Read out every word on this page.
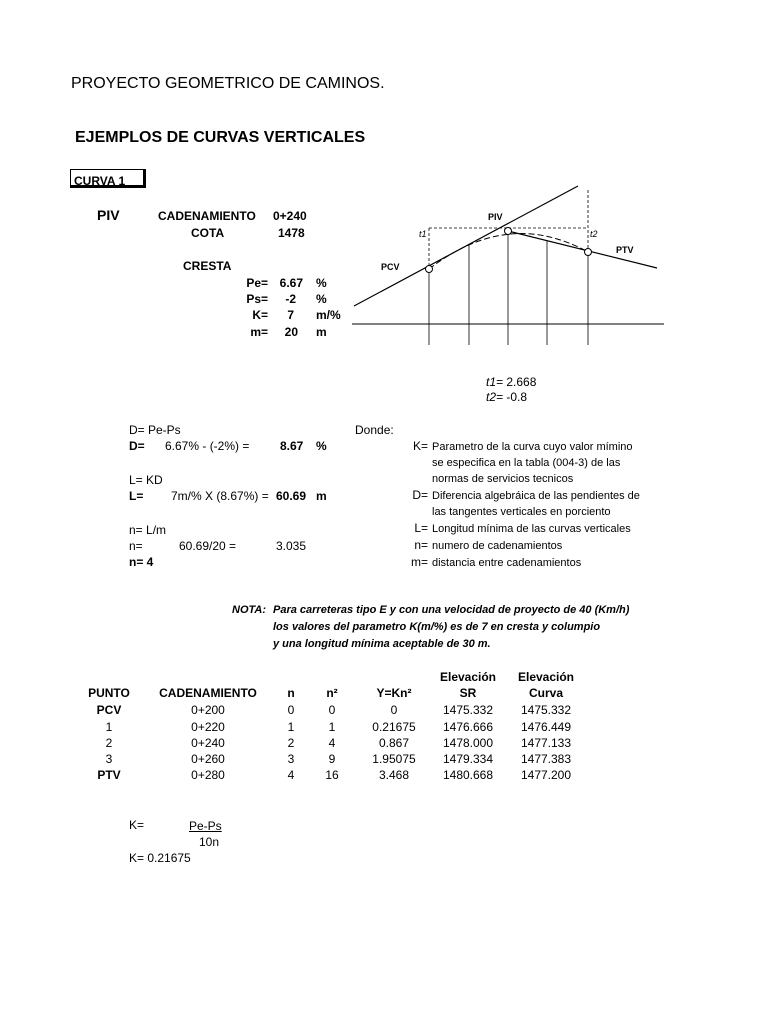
PROYECTO GEOMETRICO DE CAMINOS.
EJEMPLOS DE CURVAS VERTICALES
CURVA 1
PIV	CADENAMIENTO 0+240
COTA	1478
CRESTA
Pe= 6.67 %
Ps=	-2 %
K=	7 m/%
m=	20 m
PIV
PCV
PTV
t1	t2
t1= 2.668
t2= -0.8
D= Pe-Ps
D= 6.67% - (-2%) =	8.67 %
L= KD
L= 7m/% X (8.67%) = 60.69 m
n= L/m
n=	60.69/20 =	3.035
n= 4
Donde:
K= Parametro de la curva cuyo valor mímino
se especifica en la tabla (004-3) de las
normas de servicios tecnicos
D= Diferencia algebráica de las pendientes de
las tangentes verticales en porciento
L= Longitud mínima de las curvas verticales
n= numero de cadenamientos
m= distancia entre cadenamientos
NOTA: Para carreteras tipo E y con una velocidad de proyecto de 40 (Km/h)
los valores del parametro K(m/%) es de 7 en cresta y columpio
y una longitud mínima aceptable de 30 m.
Elevación	Elevación
PUNTO	CADENAMIENTO	n	n²	Y=Kn²	SR	Curva
PCV	0+200	0	0	0	1475.332	1475.332
1	0+220	1	1	0.21675	1476.666	1476.449
2	0+240	2	4	0.867	1478.000	1477.133
3	0+260	3	9	1.95075	1479.334	1477.383
PTV	0+280	4	16	3.468	1480.668	1477.200
K=	Pe-Ps
10n
K= 0.21675
